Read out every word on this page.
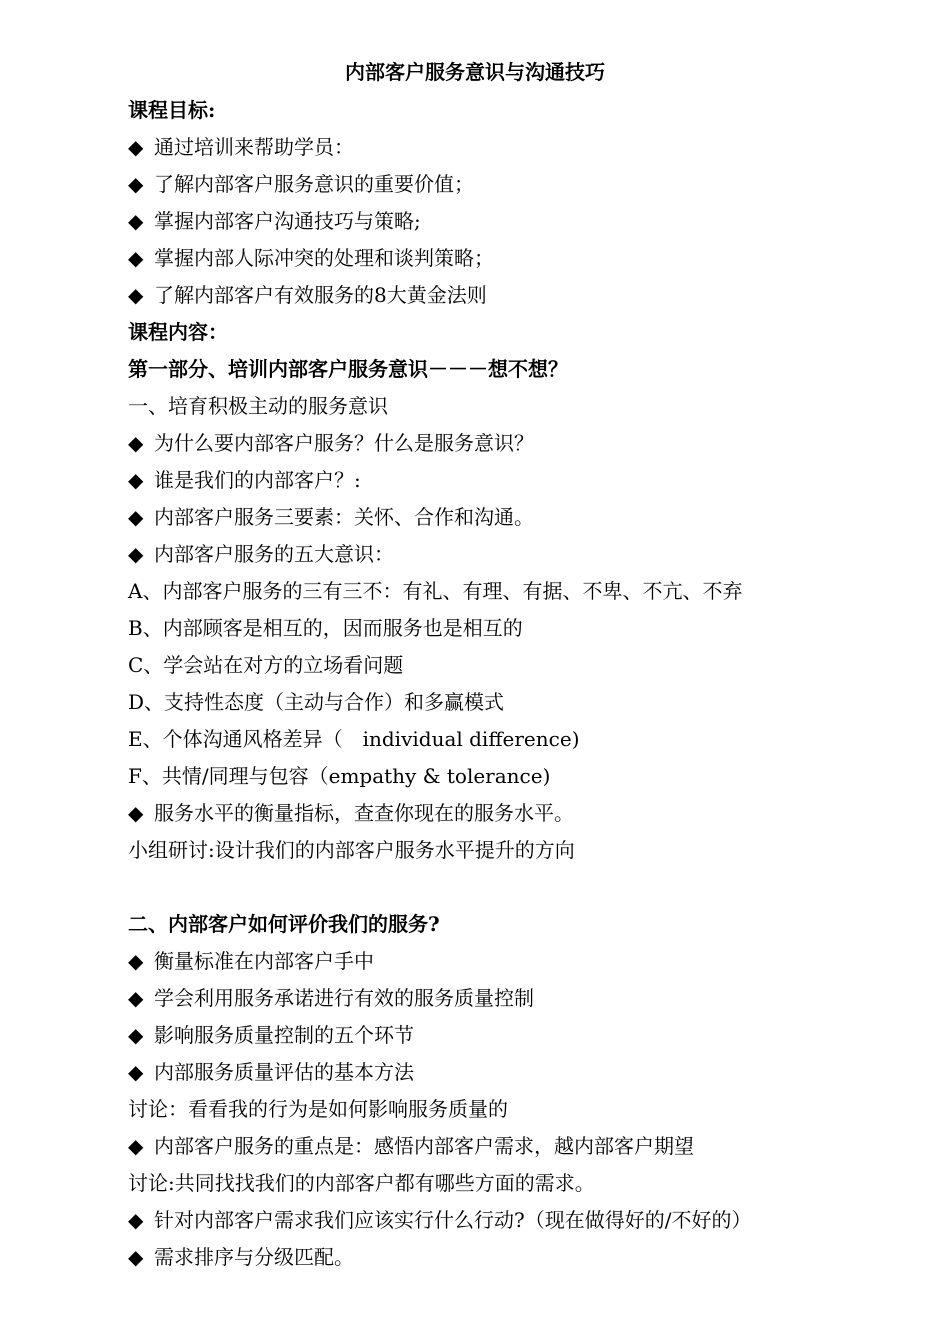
内部客户服务意识与沟通技巧
课程目标:
◆ 通过培训来帮助学员：
◆ 了解内部客户服务意识的重要价值；
◆ 掌握内部客户沟通技巧与策略;
◆ 掌握内部人际冲突的处理和谈判策略；
◆ 了解内部客户有效服务的8大黄金法则
课程内容：
第一部分、培训内部客户服务意识－－－想不想？
一、培育积极主动的服务意识
◆ 为什么要内部客户服务？什么是服务意识？
◆ 谁是我们的内部客户？:
◆ 内部客户服务三要素：关怀、合作和沟通。
◆ 内部客户服务的五大意识：
A、内部客户服务的三有三不：有礼、有理、有据、不卑、不亢、不弃
B、内部顾客是相互的，因而服务也是相互的
C、学会站在对方的立场看问题
D、支持性态度（主动与合作）和多赢模式
E、个体沟通风格差异（　individual difference)
F、共情/同理与包容（empathy & tolerance)
◆ 服务水平的衡量指标，查查你现在的服务水平。
小组研讨:设计我们的内部客户服务水平提升的方向
二、内部客户如何评价我们的服务?
◆ 衡量标准在内部客户手中
◆ 学会利用服务承诺进行有效的服务质量控制
◆ 影响服务质量控制的五个环节
◆ 内部服务质量评估的基本方法
讨论：看看我的行为是如何影响服务质量的
◆ 内部客户服务的重点是：感悟内部客户需求，越内部客户期望
讨论:共同找找我们的内部客户都有哪些方面的需求。
◆ 针对内部客户需求我们应该实行什么行动?（现在做得好的/不好的）
◆ 需求排序与分级匹配。
